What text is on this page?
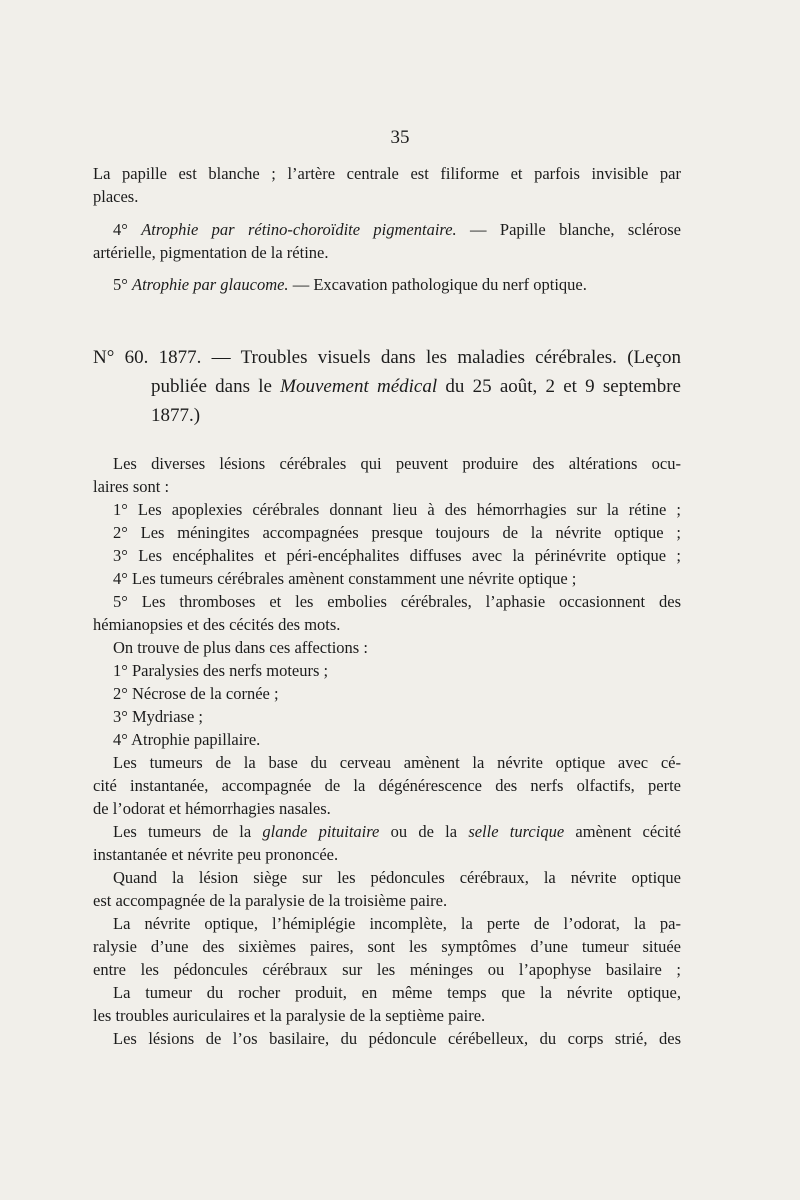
35
La papille est blanche ; l’artère centrale est filiforme et parfois invisible par
places.
4° Atrophie par rétino-choroïdite pigmentaire. — Papille blanche, sclérose
artérielle, pigmentation de la rétine.
5° Atrophie par glaucome. — Excavation pathologique du nerf optique.
N° 60. 1877. — Troubles visuels dans les maladies cérébrales. (Leçon
publiée dans le Mouvement médical du 25 août, 2 et 9 septembre
1877.)
Les diverses lésions cérébrales qui peuvent produire des altérations ocu-
laires sont :
1° Les apoplexies cérébrales donnant lieu à des hémorrhagies sur la rétine ;
2° Les méningites accompagnées presque toujours de la névrite optique ;
3° Les encéphalites et péri-encéphalites diffuses avec la périnévrite optique ;
4° Les tumeurs cérébrales amènent constamment une névrite optique ;
5° Les thromboses et les embolies cérébrales, l’aphasie occasionnent des
hémianopsies et des cécités des mots.
On trouve de plus dans ces affections :
1° Paralysies des nerfs moteurs ;
2° Nécrose de la cornée ;
3° Mydriase ;
4° Atrophie papillaire.
Les tumeurs de la base du cerveau amènent la névrite optique avec cé-
cité instantanée, accompagnée de la dégénérescence des nerfs olfactifs, perte
de l’odorat et hémorrhagies nasales.
Les tumeurs de la glande pituitaire ou de la selle turcique amènent cécité
instantanée et névrite peu prononcée.
Quand la lésion siège sur les pédoncules cérébraux, la névrite optique
est accompagnée de la paralysie de la troisième paire.
La névrite optique, l’hémiplégie incomplète, la perte de l’odorat, la pa-
ralysie d’une des sixièmes paires, sont les symptômes d’une tumeur située
entre les pédoncules cérébraux sur les méninges ou l’apophyse basilaire ;
La tumeur du rocher produit, en même temps que la névrite optique,
les troubles auriculaires et la paralysie de la septième paire.
Les lésions de l’os basilaire, du pédoncule cérébelleux, du corps strié, des
